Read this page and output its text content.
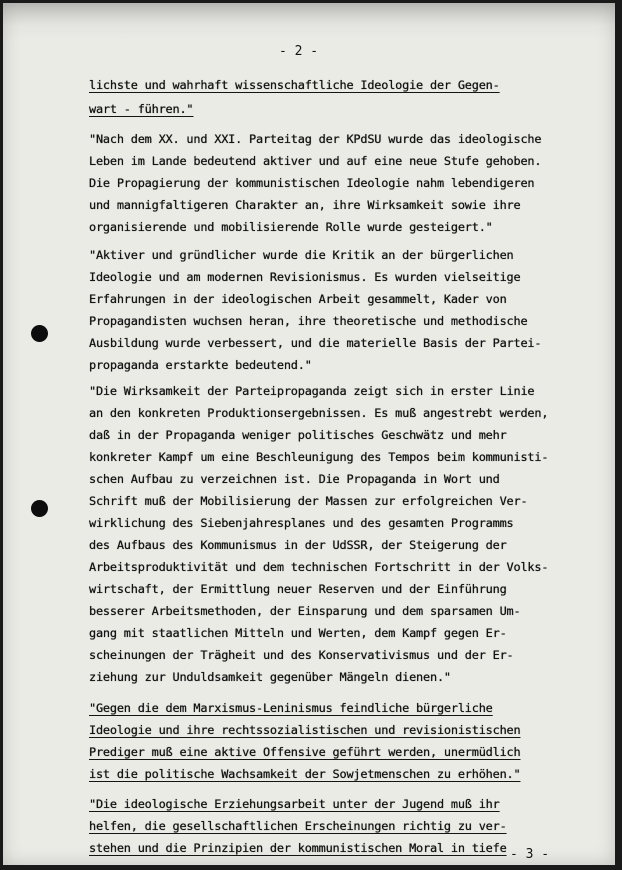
- 2 -
lichste und wahrhaft wissenschaftliche Ideologie der Gegen-
wart - führen."
"Nach dem XX. und XXI. Parteitag der KPdSU wurde das ideologische
Leben im Lande bedeutend aktiver und auf eine neue Stufe gehoben.
Die Propagierung der kommunistischen Ideologie nahm lebendigeren
und mannigfaltigeren Charakter an, ihre Wirksamkeit sowie ihre
organisierende und mobilisierende Rolle wurde gesteigert."
"Aktiver und gründlicher wurde die Kritik an der bürgerlichen
Ideologie und am modernen Revisionismus. Es wurden vielseitige
Erfahrungen in der ideologischen Arbeit gesammelt, Kader von
Propagandisten wuchsen heran, ihre theoretische und methodische
Ausbildung wurde verbessert, und die materielle Basis der Partei-
propaganda erstarkte bedeutend."
"Die Wirksamkeit der Parteipropaganda zeigt sich in erster Linie
an den konkreten Produktionsergebnissen. Es muß angestrebt werden,
daß in der Propaganda weniger politisches Geschwätz und mehr
konkreter Kampf um eine Beschleunigung des Tempos beim kommunisti-
schen Aufbau zu verzeichnen ist. Die Propaganda in Wort und
Schrift muß der Mobilisierung der Massen zur erfolgreichen Ver-
wirklichung des Siebenjahresplanes und des gesamten Programms
des Aufbaus des Kommunismus in der UdSSR, der Steigerung der
Arbeitsproduktivität und dem technischen Fortschritt in der Volks-
wirtschaft, der Ermittlung neuer Reserven und der Einführung
besserer Arbeitsmethoden, der Einsparung und dem sparsamen Um-
gang mit staatlichen Mitteln und Werten, dem Kampf gegen Er-
scheinungen der Trägheit und des Konservativismus und der Er-
ziehung zur Unduldsamkeit gegenüber Mängeln dienen."
"Gegen die dem Marxismus-Leninismus feindliche bürgerliche
Ideologie und ihre rechtssozialistischen und revisionistischen
Prediger muß eine aktive Offensive geführt werden, unermüdlich
ist die politische Wachsamkeit der Sowjetmenschen zu erhöhen."
"Die ideologische Erziehungsarbeit unter der Jugend muß ihr
helfen, die gesellschaftlichen Erscheinungen richtig zu ver-
stehen und die Prinzipien der kommunistischen Moral in tiefe - 3 -
